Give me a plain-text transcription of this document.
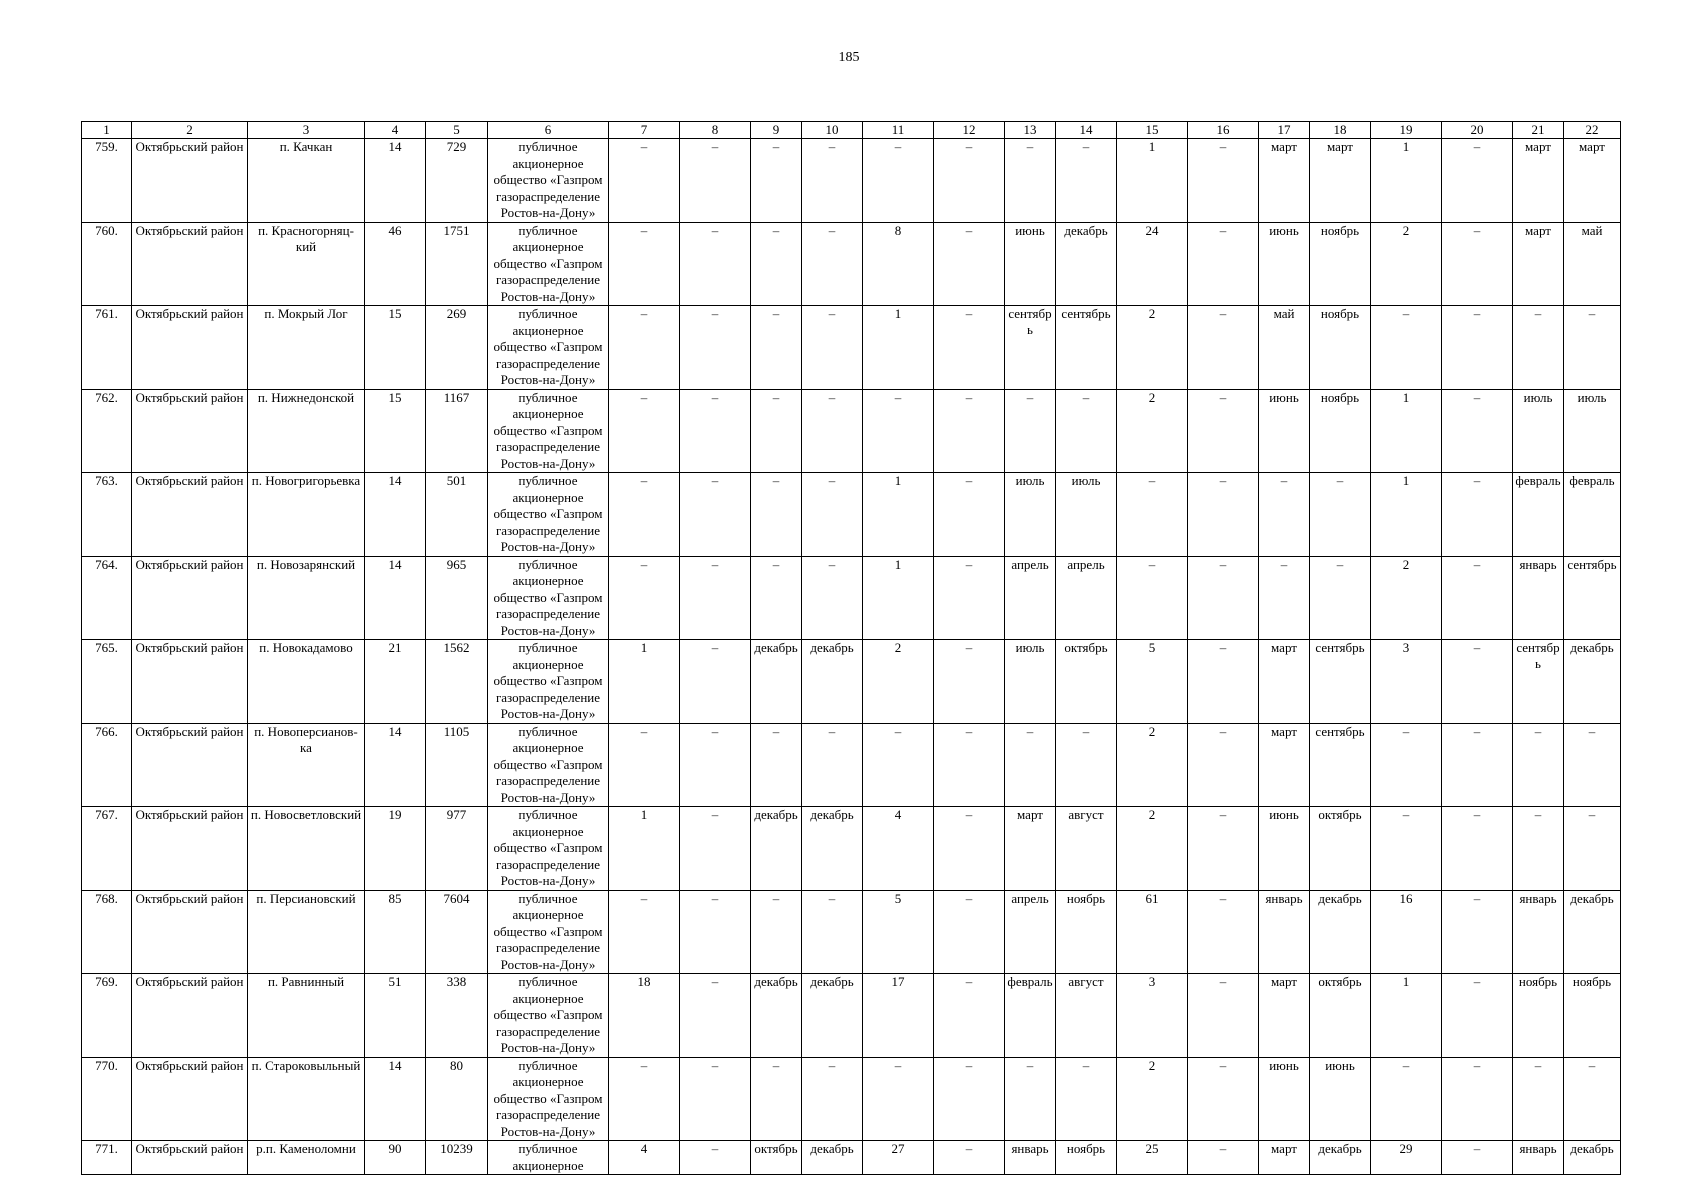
185
1	2	3	4	5	6	7	8	9	10	11	12	13	14	15	16	17	18	19	20	21	22
759.	Октябрьский район	п. Качкан	14	729	публичное акционерное общество «Газпром газораспределение Ростов-на-Дону»	–	–	–	–	–	–	–	–	1	–	март	март	1	–	март	март
760.	Октябрьский район	п. Красногорняц-кий	46	1751	публичное акционерное общество «Газпром газораспределение Ростов-на-Дону»	–	–	–	–	8	–	июнь	декабрь	24	–	июнь	ноябрь	2	–	март	май
761.	Октябрьский район	п. Мокрый Лог	15	269	публичное акционерное общество «Газпром газораспределение Ростов-на-Дону»	–	–	–	–	1	–	сентябр ь	сентябрь	2	–	май	ноябрь	–	–	–	–
762.	Октябрьский район	п. Нижнедонской	15	1167	публичное акционерное общество «Газпром газораспределение Ростов-на-Дону»	–	–	–	–	–	–	–	–	2	–	июнь	ноябрь	1	–	июль	июль
763.	Октябрьский район	п. Новогригорьевка	14	501	публичное акционерное общество «Газпром газораспределение Ростов-на-Дону»	–	–	–	–	1	–	июль	июль	–	–	–	–	1	–	февраль	февраль
764.	Октябрьский район	п. Новозарянский	14	965	публичное акционерное общество «Газпром газораспределение Ростов-на-Дону»	–	–	–	–	1	–	апрель	апрель	–	–	–	–	2	–	январь	сентябрь
765.	Октябрьский район	п. Новокадамово	21	1562	публичное акционерное общество «Газпром газораспределение Ростов-на-Дону»	1	–	декабрь	декабрь	2	–	июль	октябрь	5	–	март	сентябрь	3	–	сентябр ь	декабрь
766.	Октябрьский район	п. Новоперсианов-ка	14	1105	публичное акционерное общество «Газпром газораспределение Ростов-на-Дону»	–	–	–	–	–	–	–	–	2	–	март	сентябрь	–	–	–	–
767.	Октябрьский район	п. Новосветловский	19	977	публичное акционерное общество «Газпром газораспределение Ростов-на-Дону»	1	–	декабрь	декабрь	4	–	март	август	2	–	июнь	октябрь	–	–	–	–
768.	Октябрьский район	п. Персиановский	85	7604	публичное акционерное общество «Газпром газораспределение Ростов-на-Дону»	–	–	–	–	5	–	апрель	ноябрь	61	–	январь	декабрь	16	–	январь	декабрь
769.	Октябрьский район	п. Равнинный	51	338	публичное акционерное общество «Газпром газораспределение Ростов-на-Дону»	18	–	декабрь	декабрь	17	–	февраль	август	3	–	март	октябрь	1	–	ноябрь	ноябрь
770.	Октябрьский район	п. Староковыльный	14	80	публичное акционерное общество «Газпром газораспределение Ростов-на-Дону»	–	–	–	–	–	–	–	–	2	–	июнь	июнь	–	–	–	–
771.	Октябрьский район	р.п. Каменоломни	90	10239	публичное акционерное	4	–	октябрь	декабрь	27	–	январь	ноябрь	25	–	март	декабрь	29	–	январь	декабрь
